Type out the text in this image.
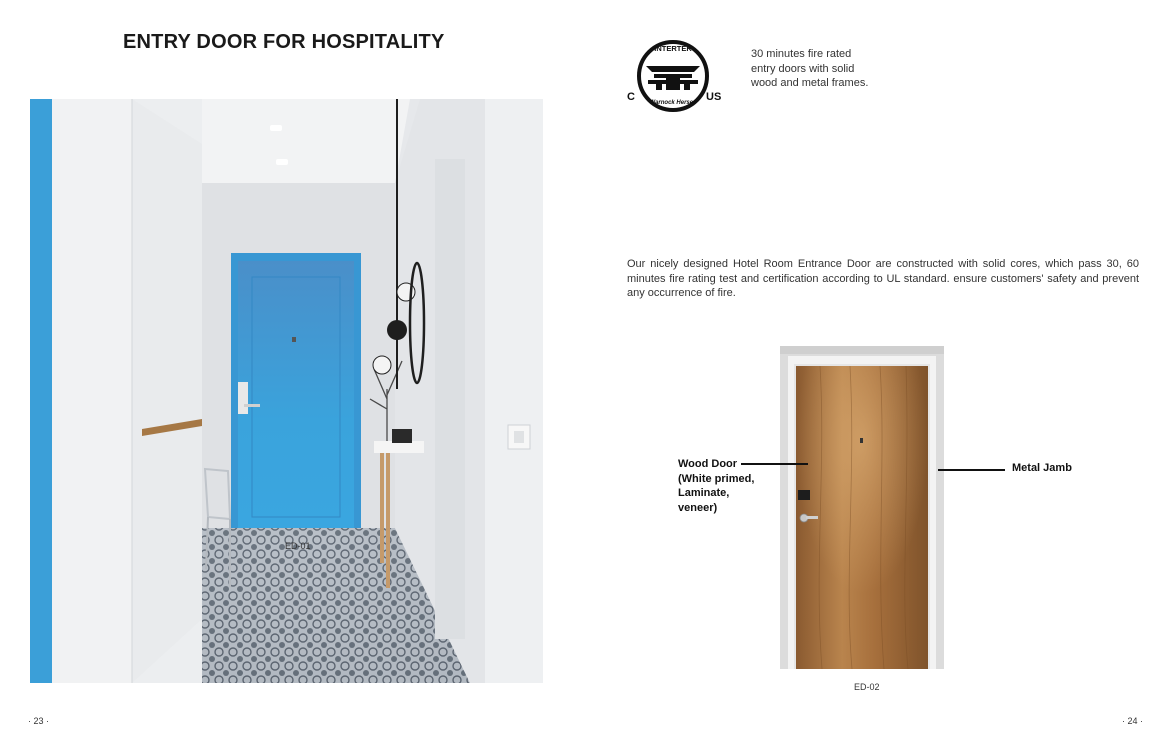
ENTRY DOOR FOR HOSPITALITY
ED-01
INTERTEK
C	US
Warnock Hersey
30 minutes fire rated entry doors with solid wood and metal frames.
Our nicely designed Hotel Room Entrance Door are constructed with solid cores, which pass 30, 60 minutes fire rating test and certification according to UL standard. ensure customers' safety and prevent any occurrence of fire.
Wood Door
(White primed,
Laminate,
veneer)
Metal Jamb
ED-02
· 23 ·	· 24 ·
